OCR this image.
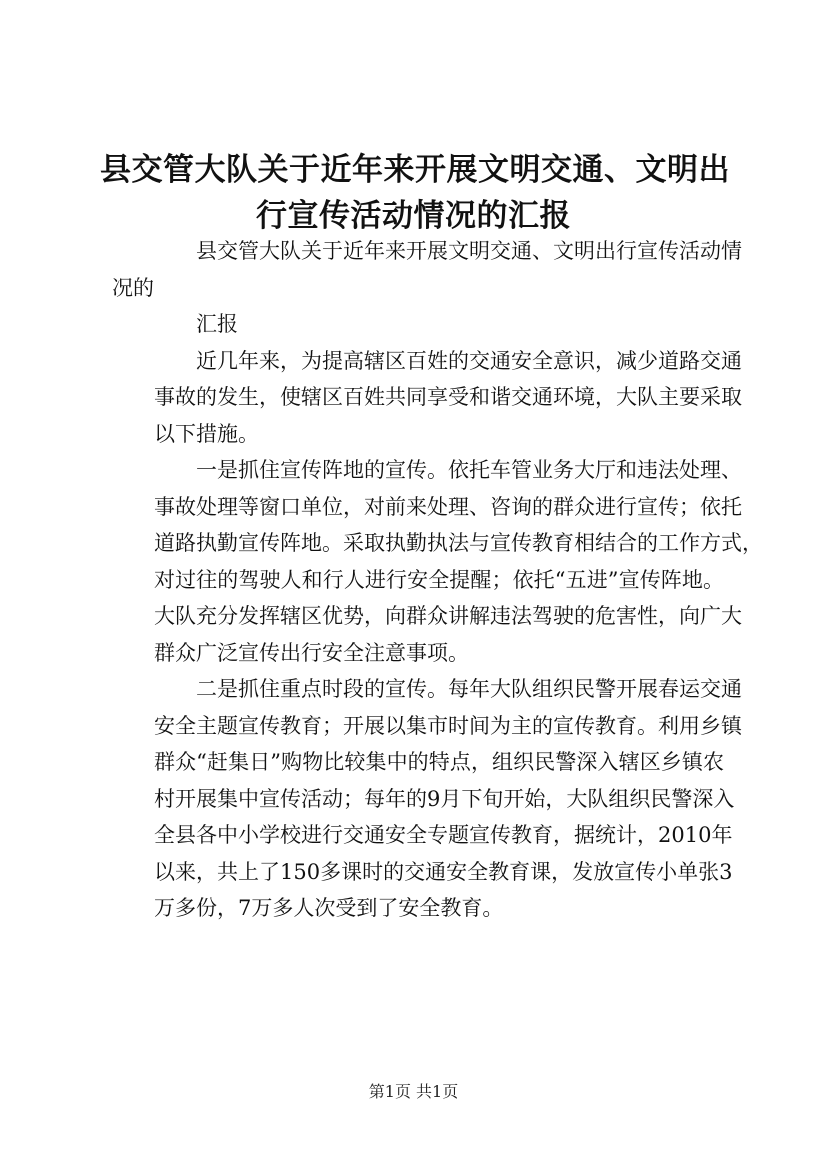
县交管大队关于近年来开展文明交通、文明出
行宣传活动情况的汇报
县交管大队关于近年来开展文明交通、文明出行宣传活动情
况的
汇报
近几年来，为提高辖区百姓的交通安全意识，减少道路交通
事故的发生，使辖区百姓共同享受和谐交通环境，大队主要采取
以下措施。
一是抓住宣传阵地的宣传。依托车管业务大厅和违法处理、
事故处理等窗口单位，对前来处理、咨询的群众进行宣传；依托
道路执勤宣传阵地。采取执勤执法与宣传教育相结合的工作方式，
对过往的驾驶人和行人进行安全提醒；依托“五进”宣传阵地。
大队充分发挥辖区优势，向群众讲解违法驾驶的危害性，向广大
群众广泛宣传出行安全注意事项。
二是抓住重点时段的宣传。每年大队组织民警开展春运交通
安全主题宣传教育；开展以集市时间为主的宣传教育。利用乡镇
群众“赶集日”购物比较集中的特点，组织民警深入辖区乡镇农
村开展集中宣传活动；每年的9月下旬开始，大队组织民警深入
全县各中小学校进行交通安全专题宣传教育，据统计，2010年
以来，共上了150多课时的交通安全教育课，发放宣传小单张3
万多份，7万多人次受到了安全教育。
第1页 共1页
